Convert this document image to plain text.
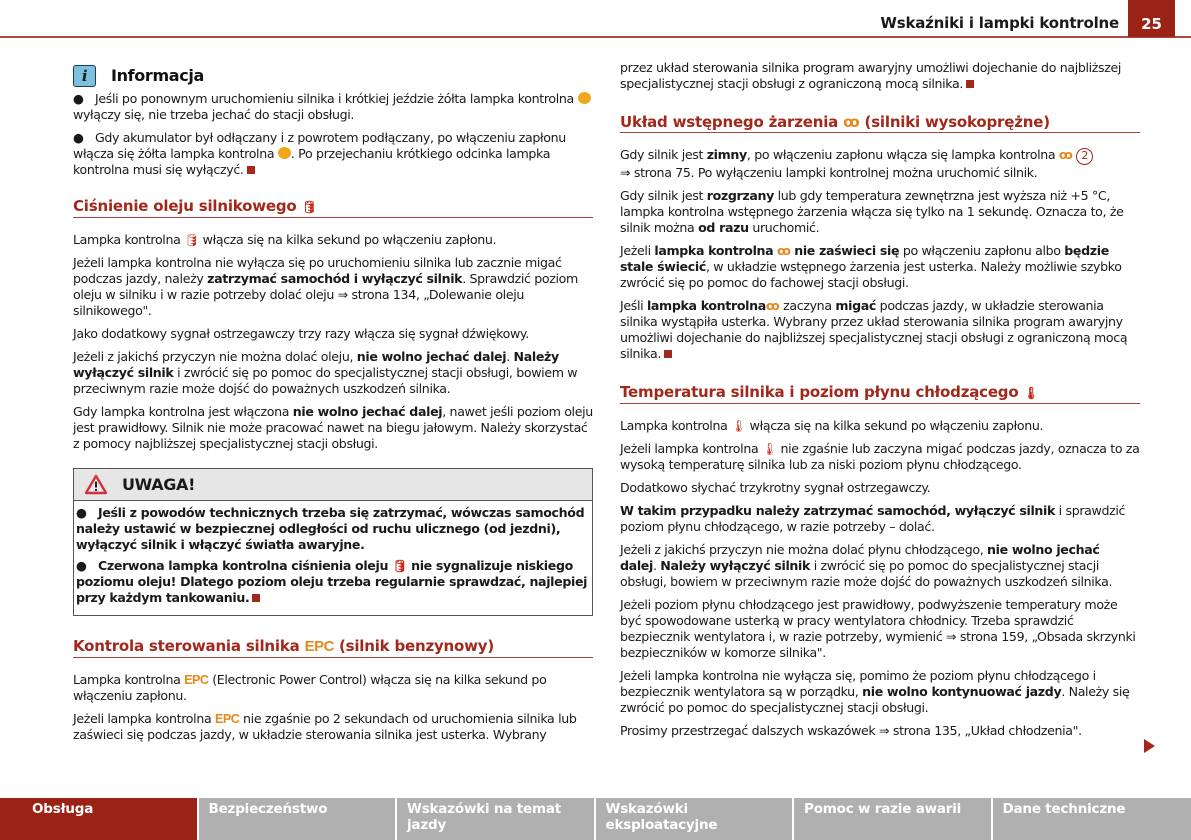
Wskaźniki i lampki kontrolne	25
i	Informacja

● Jeśli po ponownym uruchomieniu silnika i krótkiej jeździe żółta lampka kontrolna  wyłączy się, nie trzeba jechać do stacji obsługi.

● Gdy akumulator był odłączany i z powrotem podłączany, po włączeniu zapłonu włącza się żółta lampka kontrolna . Po przejechaniu krótkiego odcinka lampka kontrolna musi się wyłączyć.

Ciśnienie oleju silnikowego 🛢

Lampka kontrolna 🛢 włącza się na kilka sekund po włączeniu zapłonu.

Jeżeli lampka kontrolna nie wyłącza się po uruchomieniu silnika lub zacznie migać podczas jazdy, należy zatrzymać samochód i wyłączyć silnik. Sprawdzić poziom oleju w silniku i w razie potrzeby dolać oleju ⇒ strona 134, „Dolewanie oleju silnikowego".

Jako dodatkowy sygnał ostrzegawczy trzy razy włącza się sygnał dźwiękowy.

Jeżeli z jakichś przyczyn nie można dolać oleju, nie wolno jechać dalej. Należy wyłączyć silnik i zwrócić się po pomoc do specjalistycznej stacji obsługi, bowiem w przeciwnym razie może dojść do poważnych uszkodzeń silnika.

Gdy lampka kontrolna jest włączona nie wolno jechać dalej, nawet jeśli poziom oleju jest prawidłowy. Silnik nie może pracować nawet na biegu jałowym. Należy skorzystać z pomocy najbliższej specjalistycznej stacji obsługi.

UWAGA!

● Jeśli z powodów technicznych trzeba się zatrzymać, wówczas samochód należy ustawić w bezpiecznej odległości od ruchu ulicznego (od jezdni), wyłączyć silnik i włączyć światła awaryjne.

● Czerwona lampka kontrolna ciśnienia oleju 🛢 nie sygnalizuje niskiego poziomu oleju! Dlatego poziom oleju trzeba regularnie sprawdzać, najlepiej przy każdym tankowaniu.

Kontrola sterowania silnika EPC (silnik benzynowy)

Lampka kontrolna EPC (Electronic Power Control) włącza się na kilka sekund po włączeniu zapłonu.

Jeżeli lampka kontrolna EPC nie zgaśnie po 2 sekundach od uruchomienia silnika lub zaświeci się podczas jazdy, w układzie sterowania silnika jest usterka. Wybrany

przez układ sterowania silnika program awaryjny umożliwi dojechanie do najbliższej specjalistycznej stacji obsługi z ograniczoną mocą silnika.

Układ wstępnego żarzenia ꝏ (silniki wysokoprężne)

Gdy silnik jest zimny, po włączeniu zapłonu włącza się lampka kontrolna ꝏ 2
⇒ strona 75. Po wyłączeniu lampki kontrolnej można uruchomić silnik.

Gdy silnik jest rozgrzany lub gdy temperatura zewnętrzna jest wyższa niż +5 °C, lampka kontrolna wstępnego żarzenia włącza się tylko na 1 sekundę. Oznacza to, że silnik można od razu uruchomić.

Jeżeli lampka kontrolna ꝏ nie zaświeci się po włączeniu zapłonu albo będzie stale świecić, w układzie wstępnego żarzenia jest usterka. Należy możliwie szybko zwrócić się po pomoc do fachowej stacji obsługi.

Jeśli lampka kontrolnaꝏ zaczyna migać podczas jazdy, w układzie sterowania silnika wystąpiła usterka. Wybrany przez układ sterowania silnika program awaryjny umożliwi dojechanie do najbliższej specjalistycznej stacji obsługi z ograniczoną mocą silnika.

Temperatura silnika i poziom płynu chłodzącego 🌡

Lampka kontrolna 🌡 włącza się na kilka sekund po włączeniu zapłonu.

Jeżeli lampka kontrolna 🌡 nie zgaśnie lub zaczyna migać podczas jazdy, oznacza to za wysoką temperaturę silnika lub za niski poziom płynu chłodzącego.

Dodatkowo słychać trzykrotny sygnał ostrzegawczy.

W takim przypadku należy zatrzymać samochód, wyłączyć silnik i sprawdzić poziom płynu chłodzącego, w razie potrzeby – dolać.

Jeżeli z jakichś przyczyn nie można dolać płynu chłodzącego, nie wolno jechać dalej. Należy wyłączyć silnik i zwrócić się po pomoc do specjalistycznej stacji obsługi, bowiem w przeciwnym razie może dojść do poważnych uszkodzeń silnika.

Jeżeli poziom płynu chłodzącego jest prawidłowy, podwyższenie temperatury może być spowodowane usterką w pracy wentylatora chłodnicy. Trzeba sprawdzić bezpiecznik wentylatora i, w razie potrzeby, wymienić ⇒ strona 159, „Obsada skrzynki bezpieczników w komorze silnika".

Jeżeli lampka kontrolna nie wyłącza się, pomimo że poziom płynu chłodzącego i bezpiecznik wentylatora są w porządku, nie wolno kontynuować jazdy. Należy się zwrócić po pomoc do specjalistycznej stacji obsługi.

Prosimy przestrzegać dalszych wskazówek ⇒ strona 135, „Układ chłodzenia".

Obsługa	Bezpieczeństwo	Wskazówki na temat jazdy
Wskazówki eksploatacyjne
Pomoc w razie awarii	Dane techniczne
